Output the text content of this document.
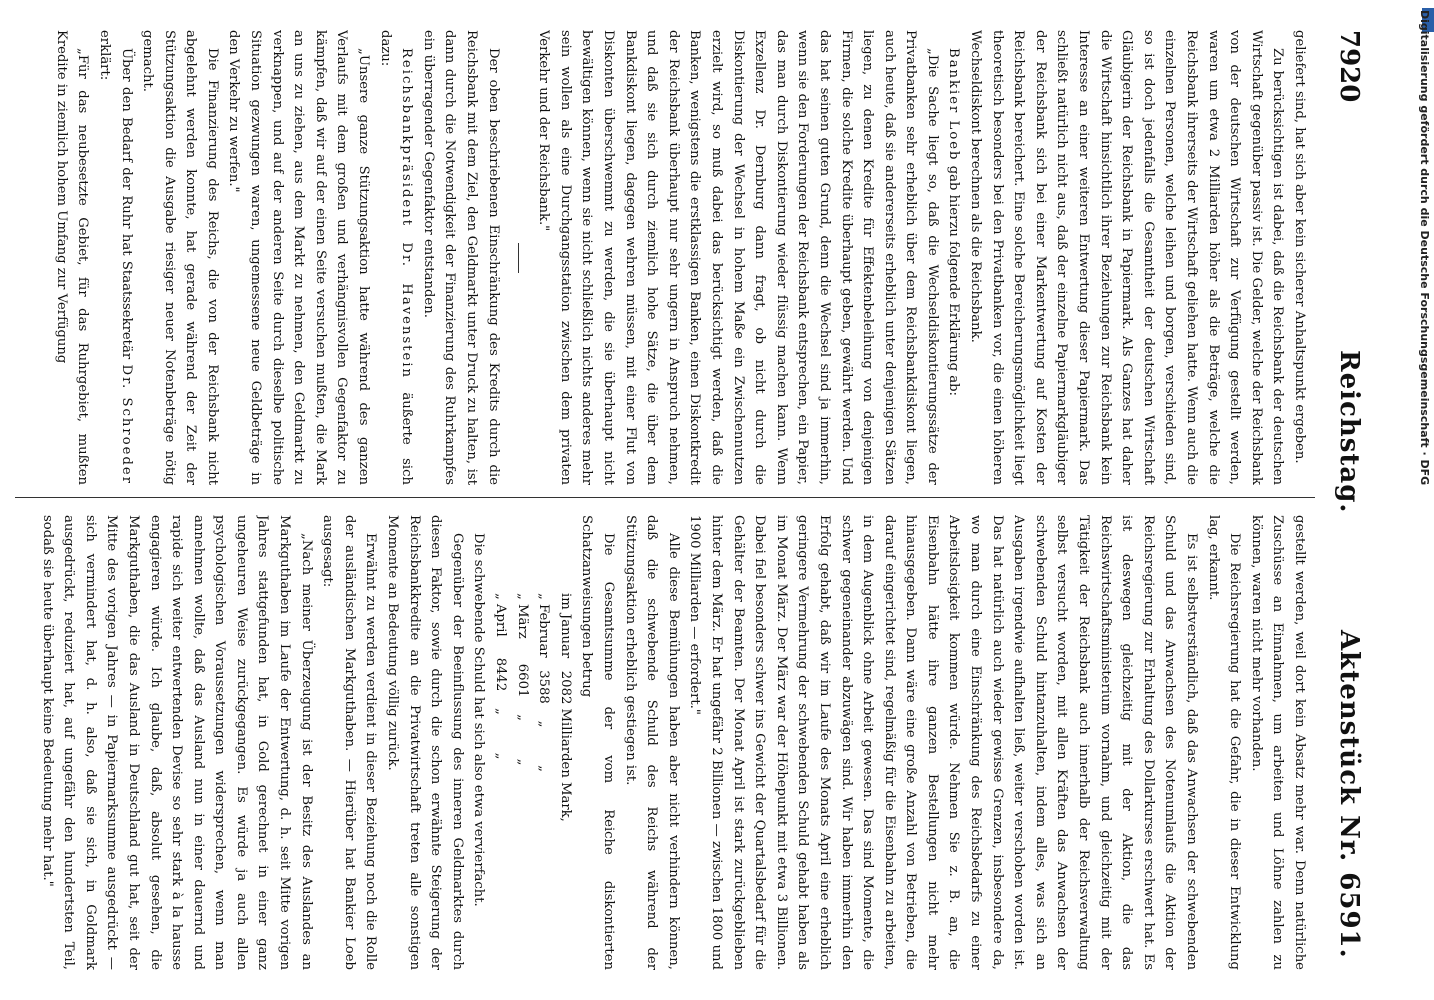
7920
Reichstag.
Aktenstück Nr. 6591.

geliefert sind, hat sich aber kein sicherer Anhaltspunkt ergeben.

Zu berücksichtigen ist dabei, daß die Reichsbank der deutschen Wirtschaft gegenüber passiv ist. Die Gelder, welche der Reichsbank von der deutschen Wirtschaft zur Verfügung gestellt werden, waren um etwa 2 Milliarden höher als die Beträge, welche die Reichsbank ihrerseits der Wirtschaft geliehen hatte. Wenn auch die einzelnen Personen, welche leihen und borgen, verschieden sind, so ist doch jedenfalls die Gesamtheit der deutschen Wirtschaft Gläubigerin der Reichsbank in Papiermark. Als Ganzes hat daher die Wirtschaft hinsichtlich ihrer Beziehungen zur Reichsbank kein Interesse an einer weiteren Entwertung dieser Papiermark. Das schließt natürlich nicht aus, daß der einzelne Papiermarkgläubiger der Reichsbank sich bei einer Markentwertung auf Kosten der Reichsbank bereichert. Eine solche Bereicherungsmöglichkeit liegt theoretisch besonders bei den Privatbanken vor, die einen höheren Wechseldiskont berechnen als die Reichsbank.

Bankier Loeb gab hierzu folgende Erklärung ab:

„Die Sache liegt so, daß die Wechseldiskontierungssätze der Privatbanken sehr erheblich über dem Reichsbankdiskont liegen, auch heute, daß sie andererseits erheblich unter denjenigen Sätzen liegen, zu denen Kredite für Effektenbeleihung von denjenigen Firmen, die solche Kredite überhaupt geben, gewährt werden. Und das hat seinen guten Grund, denn die Wechsel sind ja immerhin, wenn sie den Forderungen der Reichsbank entsprechen, ein Papier, das man durch Diskontierung wieder flüssig machen kann. Wenn Exzellenz Dr. Dernburg dann fragt, ob nicht durch die Diskontierung der Wechsel in hohem Maße ein Zwischennutzen erzielt wird, so muß dabei das berücksichtigt werden, daß die Banken, wenigstens die erstklassigen Banken, einen Diskontkredit der Reichsbank überhaupt nur sehr ungern in Anspruch nehmen, und daß sie sich durch ziemlich hohe Sätze, die über dem Bankdiskont liegen, dagegen wehren müssen, mit einer Flut von Diskonten überschwemmt zu werden, die sie überhaupt nicht bewältigen können, wenn sie nicht schließlich nichts anderes mehr sein wollen als eine Durchgangsstation zwischen dem privaten Verkehr und der Reichsbank."

Der oben beschriebenen Einschränkung des Kredits durch die Reichsbank mit dem Ziel, den Geldmarkt unter Druck zu halten, ist dann durch die Notwendigkeit der Finanzierung des Ruhrkampfes ein überragender Gegenfaktor entstanden.

Reichsbankpräsident Dr. Havenstein äußerte sich dazu:

„Unsere ganze Stützungsaktion hatte während des ganzen Verlaufs mit dem großen und verhängnisvollen Gegenfaktor zu kämpfen, daß wir auf der einen Seite versuchen mußten, die Mark an uns zu ziehen, aus dem Markt zu nehmen, den Geldmarkt zu verknappen, und auf der anderen Seite durch dieselbe politische Situation gezwungen waren, ungemessene neue Geldbeträge in den Verkehr zu werfen."

Die Finanzierung des Reichs, die von der Reichsbank nicht abgelehnt werden konnte, hat gerade während der Zeit der Stützungsaktion die Ausgabe riesiger neuer Notenbeträge nötig gemacht.

Über den Bedarf der Ruhr hat Staatssekretär Dr. Schroeder erklärt:

„Für das neubesetzte Gebiet, für das Ruhrgebiet, mußten Kredite in ziemlich hohem Umfang zur Verfügung

gestellt werden, weil dort kein Absatz mehr war. Denn natürliche Zuschüsse an Einnahmen, um arbeiten und Löhne zahlen zu können, waren nicht mehr vorhanden.

Die Reichsregierung hat die Gefahr, die in dieser Entwicklung lag, erkannt.

Es ist selbstverständlich, daß das Anwachsen der schwebenden Schuld und das Anwachsen des Notenumlaufs die Aktion der Reichsregierung zur Erhaltung des Dollarkurses erschwert hat. Es ist deswegen gleichzeitig mit der Aktion, die das Reichswirtschaftsministerium vornahm, und gleichzeitig mit der Tätigkeit der Reichsbank auch innerhalb der Reichsverwaltung selbst versucht worden, mit allen Kräften das Anwachsen der schwebenden Schuld hintanzuhalten, indem alles, was sich an Ausgaben irgendwie aufhalten ließ, weiter verschoben worden ist. Das hat natürlich auch wieder gewisse Grenzen, insbesondere da, wo man durch eine Einschränkung des Reichsbedarfs zu einer Arbeitslosigkeit kommen würde. Nehmen Sie z. B. an, die Eisenbahn hätte ihre ganzen Bestellungen nicht mehr hinausgegeben. Dann wäre eine große Anzahl von Betrieben, die darauf eingerichtet sind, regelmäßig für die Eisenbahn zu arbeiten, in dem Augenblick ohne Arbeit gewesen. Das sind Momente, die schwer gegeneinander abzuwägen sind. Wir haben immerhin den Erfolg gehabt, daß wir im Laufe des Monats April eine erheblich geringere Vermehrung der schwebenden Schuld gehabt haben als im Monat März. Der März war der Höhepunkt mit etwa 3 Billionen. Dabei fiel besonders schwer ins Gewicht der Quartalsbedarf für die Gehälter der Beamten. Der Monat April ist stark zurückgeblieben hinter dem März. Er hat ungefähr 2 Billionen — zwischen 1800 und 1900 Milliarden — erfordert."

Alle diese Bemühungen haben aber nicht verhindern können, daß die schwebende Schuld des Reichs während der Stützungsaktion erheblich gestiegen ist.

Die Gesamtsumme der vom Reiche diskontierten Schatzanweisungen betrug

im Januar   2082 Milliarden Mark,

„ Februar   3588    „         „

„ März      6601    „         „

„ April     8442    „         „

Die schwebende Schuld hat sich also etwa vervierfacht.

Gegenüber der Beeinflussung des inneren Geldmarktes durch diesen Faktor, sowie durch die schon erwähnte Steigerung der Reichsbankkredite an die Privatwirtschaft treten alle sonstigen Momente an Bedeutung völlig zurück.

Erwähnt zu werden verdient in dieser Beziehung noch die Rolle der ausländischen Markguthaben. — Hierüber hat Bankier Loeb ausgesagt:

„Nach meiner Überzeugung ist der Besitz des Auslandes an Markguthaben im Laufe der Entwertung, d. h. seit Mitte vorigen Jahres stattgefunden hat, in Gold gerechnet in einer ganz ungeheuren Weise zurückgegangen. Es würde ja auch allen psychologischen Voraussetzungen widersprechen, wenn man annehmen wollte, daß das Ausland nun in einer dauernd und rapide sich weiter entwertenden Devise so sehr stark à la hausse engagieren würde. Ich glaube, daß, absolut gesehen, die Markguthaben, die das Ausland in Deutschland gut hat, seit der Mitte des vorigen Jahres — in Papiermarksumme ausgedrückt — sich vermindert hat, d. h. also, daß sie sich, in Goldmark ausgedrückt, reduziert hat, auf ungefähr den hundertsten Teil, sodaß sie heute überhaupt keine Bedeutung mehr hat."

Digitalisierung gefördert durch die Deutsche Forschungsgemeinschaft · DFG
